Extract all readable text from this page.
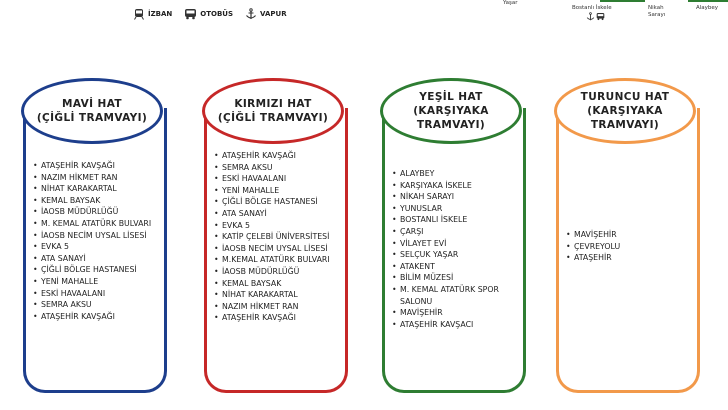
İZBAN	OTOBÜS	VAPUR
Yaşar
Bostanlı İskele	Nikah
Sarayı
Alaybey
MAVİ HAT
(ÇİĞLİ TRAMVAYI)
• ATAŞEHİR KAVŞAĞI
• NAZIM HİKMET RAN
• NİHAT KARAKARTAL
• KEMAL BAYSAK
• İAOSB MÜDÜRLÜĞÜ
• M. KEMAL ATATÜRK BULVARI
• İAOSB NECİM UYSAL LİSESİ
• EVKA 5
• ATA SANAYİ
• ÇİĞLİ BÖLGE HASTANESİ
• YENİ MAHALLE
• ESKİ HAVAALANI
• SEMRA AKSU
• ATAŞEHİR KAVŞAĞI
KIRMIZI HAT
(ÇİĞLİ TRAMVAYI)
• ATAŞEHİR KAVŞAĞI
• SEMRA AKSU
• ESKİ HAVAALANI
• YENİ MAHALLE
• ÇİĞLİ BÖLGE HASTANESİ
• ATA SANAYİ
• EVKA 5
• KATİP ÇELEBİ ÜNİVERSİTESİ
• İAOSB NECİM UYSAL LİSESİ
• M.KEMAL ATATÜRK BULVARI
• İAOSB MÜDÜRLÜĞÜ
• KEMAL BAYSAK
• NİHAT KARAKARTAL
• NAZIM HİKMET RAN
• ATAŞEHİR KAVŞAĞI
YEŞİL HAT
(KARŞIYAKA
TRAMVAYI)
• ALAYBEY
• KARŞIYAKA İSKELE
• NİKAH SARAYI
• YUNUSLAR
• BOSTANLI İSKELE
• ÇARŞI
• VİLAYET EVİ
• SELÇUK YAŞAR
• ATAKENT
• BİLİM MÜZESİ
• M. KEMAL ATATÜRK SPOR SALONU
• MAVİŞEHİR
• ATAŞEHİR KAVŞACI
TURUNCU HAT
(KARŞIYAKA
TRAMVAYI)
• MAVİŞEHİR
• ÇEVREYOLU
• ATAŞEHİR
